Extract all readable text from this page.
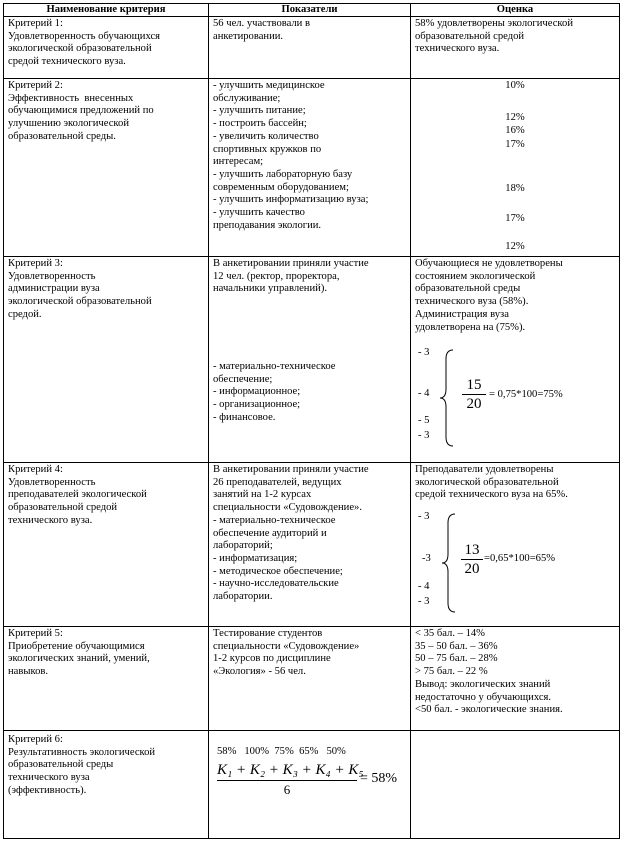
Наименование критерия	Показатели	Оценка
Критерий 1:
Удовлетворенность обучающихся
экологической образовательной
средой технического вуза.
56 чел. участвовали в
анкетировании.
58% удовлетворены экологической
образовательной средой
технического вуза.
Критерий 2:
Эффективность  внесенных
обучающимися предложений по
улучшению экологической
образовательной среды.
- улучшить медицинское
обслуживание;
- улучшить питание;
- построить бассейн;
- увеличить количество
спортивных кружков по
интересам;
- улучшить лабораторную базу
современным оборудованием;
- улучшить информатизацию вуза;
- улучшить качество
преподавания экологии.
10%
12%
16%
17%
18%
17%
12%
Критерий 3:
Удовлетворенность
администрации вуза
экологической образовательной
средой.
В анкетировании приняли участие
12 чел. (ректор, проректора,
начальники управлений).
- материально-техническое
обеспечение;
- информационное;
- организационное;
- финансовое.
Обучающиеся не удовлетворены
состоянием экологической
образовательной среды
технического вуза (58%).
Администрация вуза
удовлетворена на (75%).
- 3
- 4
- 5
- 3
15
20
= 0,75*100=75%
Критерий 4:
Удовлетворенность
преподавателей экологической
образовательной средой
технического вуза.
В анкетировании приняли участие
26 преподавателей, ведущих
занятий на 1-2 курсах
специальности «Судовождение».
- материально-техническое
обеспечение аудиторий и
лабораторий;
- информатизация;
- методическое обеспечение;
- научно-исследовательские
лаборатории.
Преподаватели удовлетворены
экологической образовательной
средой технического вуза на 65%.
- 3
-3
- 4
- 3
13
20
=0,65*100=65%
Критерий 5:
Приобретение обучающимися
экологических знаний, умений,
навыков.
Тестирование студентов
специальности «Судовождение»
1-2 курсов по дисциплине
«Экология» - 56 чел.
< 35 бал. – 14%
35 – 50 бал. – 36%
50 – 75 бал. – 28%
> 75 бал. – 22 %
Вывод: экологических знаний
недостаточно у обучающихся.
<50 бал. - экологические знания.
Критерий 6:
Результативность экологической
образовательной среды
технического вуза
(эффективность).
58%   100%  75%  65%   50%
K₁ + K₂ + K₃ + K₄ + K₅
6
= 58%
